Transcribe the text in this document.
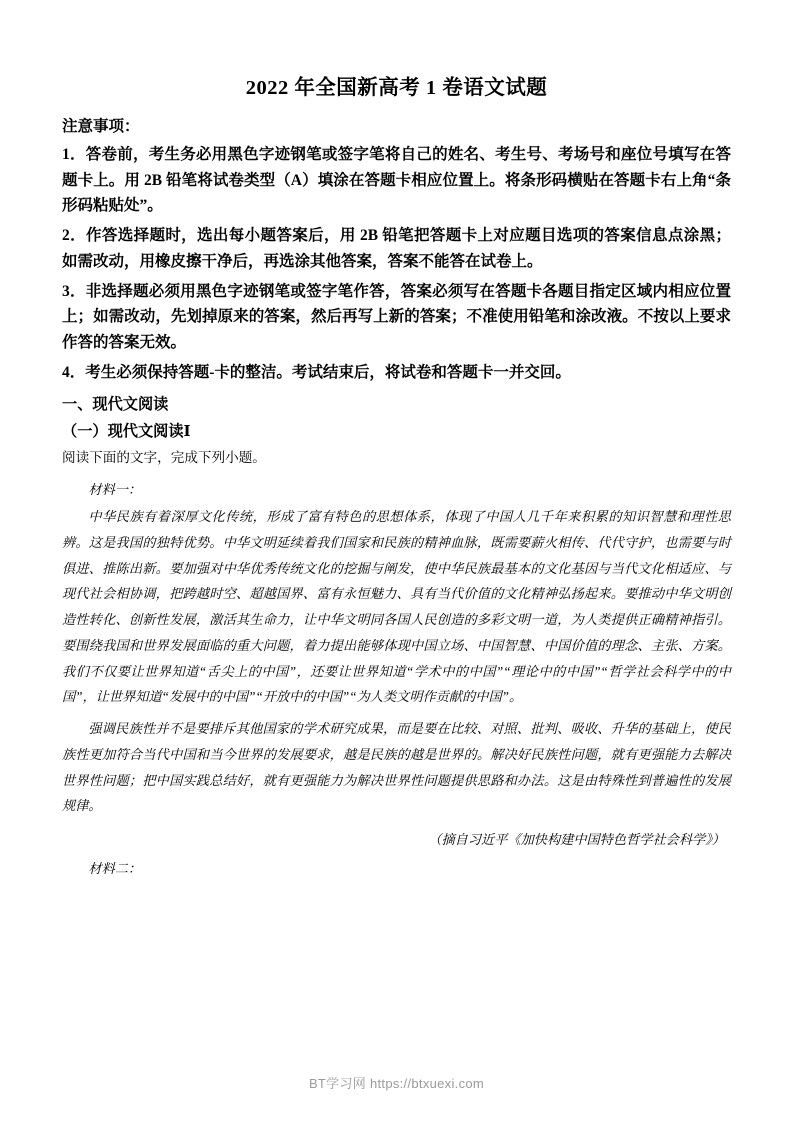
2022 年全国新高考 1 卷语文试题
注意事项：

1．答卷前，考生务必用黑色字迹钢笔或签字笔将自己的姓名、考生号、考场号和座位号填写在答题卡上。用 2B 铅笔将试卷类型（A）填涂在答题卡相应位置上。将条形码横贴在答题卡右上角“条形码粘贴处”。

2．作答选择题时，选出每小题答案后，用 2B 铅笔把答题卡上对应题目选项的答案信息点涂黑；如需改动，用橡皮擦干净后，再选涂其他答案，答案不能答在试卷上。

3．非选择题必须用黑色字迹钢笔或签字笔作答，答案必须写在答题卡各题目指定区域内相应位置上；如需改动，先划掉原来的答案，然后再写上新的答案；不准使用铅笔和涂改液。不按以上要求作答的答案无效。

4．考生必须保持答题-卡的整洁。考试结束后，将试卷和答题卡一并交回。

一、现代文阅读
（一）现代文阅读Ⅰ
阅读下面的文字，完成下列小题。
材料一：

中华民族有着深厚文化传统，形成了富有特色的思想体系，体现了中国人几千年来积累的知识智慧和理性思辨。这是我国的独特优势。中华文明延续着我们国家和民族的精神血脉，既需要薪火相传、代代守护，也需要与时俱进、推陈出新。要加强对中华优秀传统文化的挖掘与阐发，使中华民族最基本的文化基因与当代文化相适应、与现代社会相协调，把跨越时空、超越国界、富有永恒魅力、具有当代价值的文化精神弘扬起来。要推动中华文明创造性转化、创新性发展，激活其生命力，让中华文明同各国人民创造的多彩文明一道，为人类提供正确精神指引。要围绕我国和世界发展面临的重大问题，着力提出能够体现中国立场、中国智慧、中国价值的理念、主张、方案。我们不仅要让世界知道“舌尖上的中国”，还要让世界知道“学术中的中国”“理论中的中国”“哲学社会科学中的中国”，让世界知道“发展中的中国”“开放中的中国”“为人类文明作贡献的中国”。

强调民族性并不是要排斥其他国家的学术研究成果，而是要在比较、对照、批判、吸收、升华的基础上，使民族性更加符合当代中国和当今世界的发展要求，越是民族的越是世界的。解决好民族性问题，就有更强能力去解决世界性问题；把中国实践总结好，就有更强能力为解决世界性问题提供思路和办法。这是由特殊性到普遍性的发展规律。

（摘自习近平《加快构建中国特色哲学社会科学》）
材料二：
BT学习网 https://btxuexi.com
